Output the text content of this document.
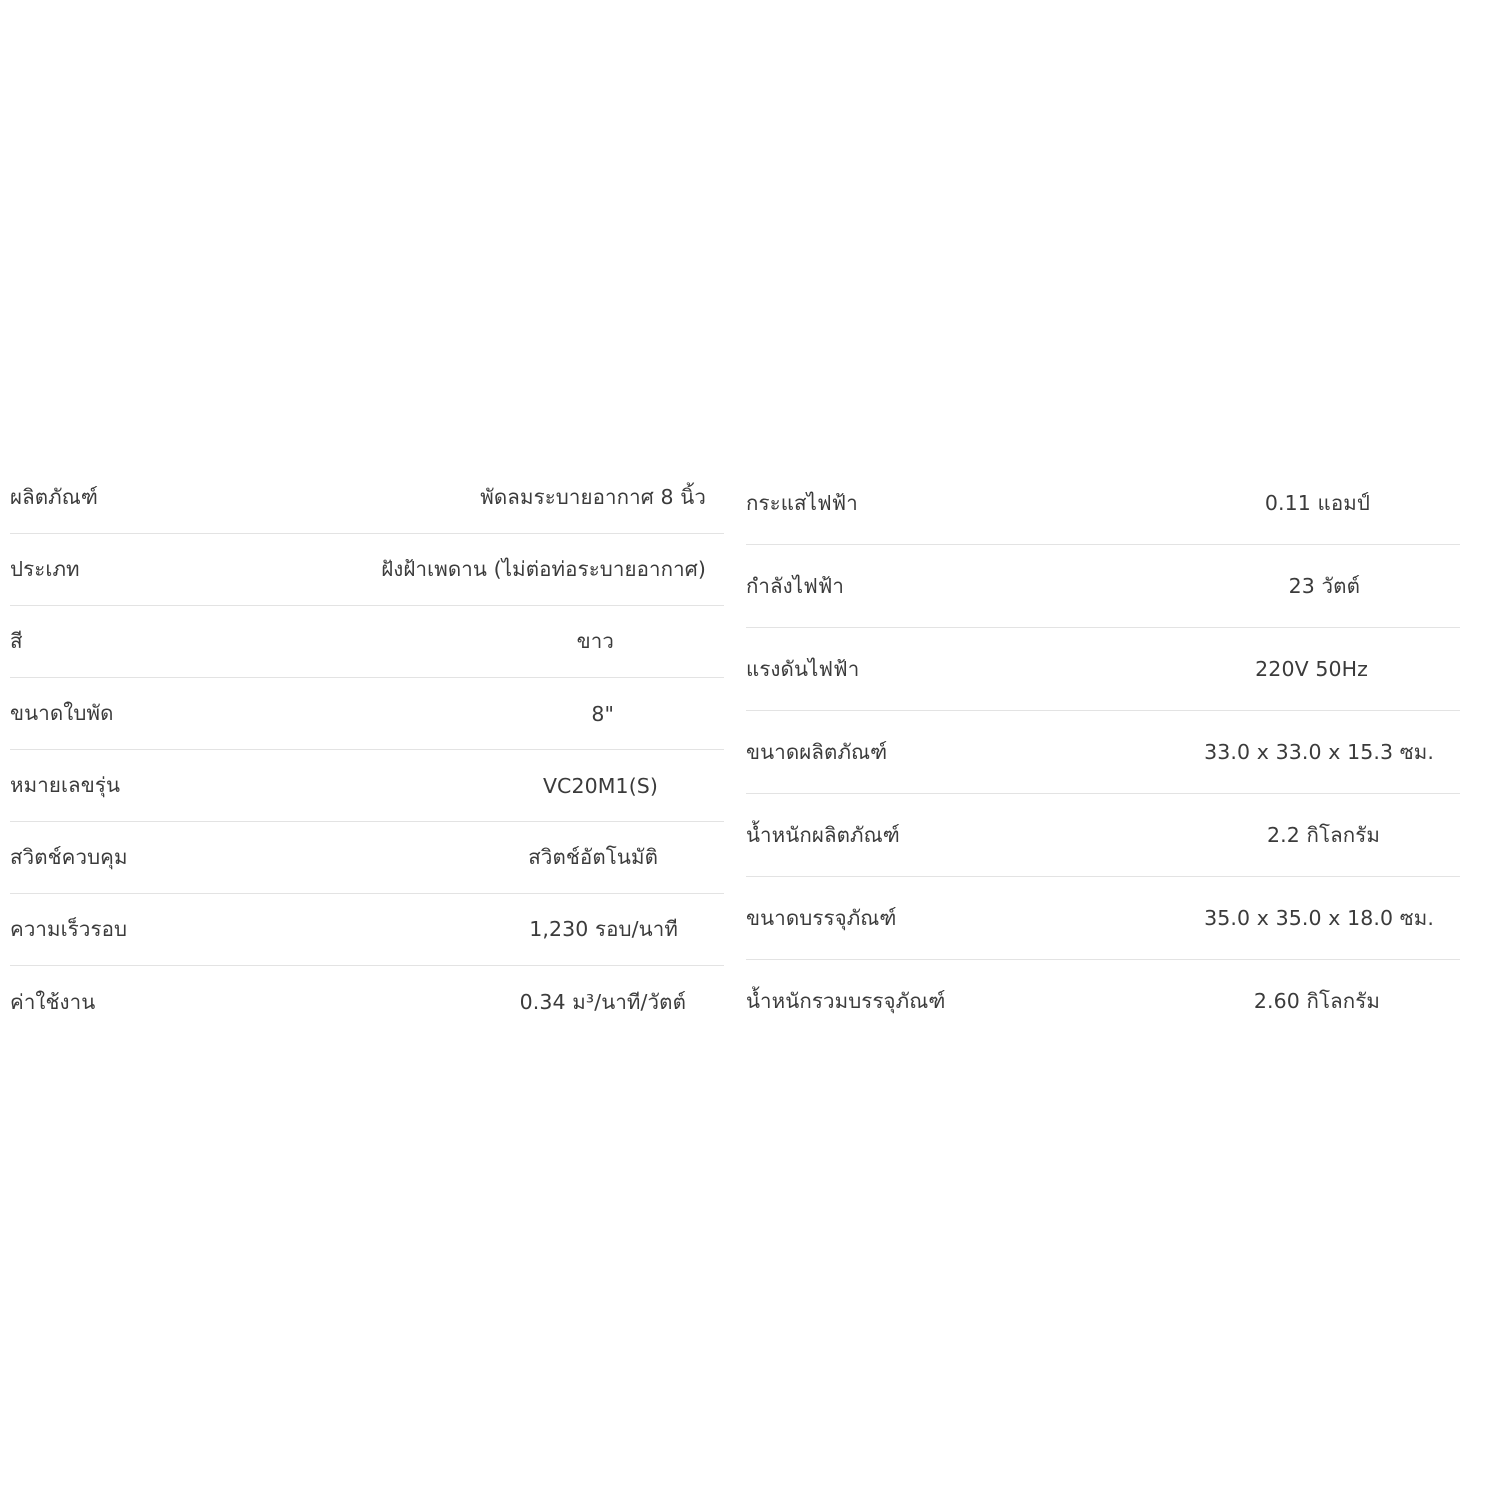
ผลิตภัณฑ์	พัดลมระบายอากาศ 8 นิ้ว
ประเภท	ฝังฝ้าเพดาน (ไม่ต่อท่อระบายอากาศ)
สี	ขาว
ขนาดใบพัด	8"
หมายเลขรุ่น	VC20M1(S)
สวิตช์ควบคุม	สวิตช์อัตโนมัติ
ความเร็วรอบ	1,230 รอบ/นาที
ค่าใช้งาน	0.34 ม³/นาที/วัตต์
กระแสไฟฟ้า	0.11 แอมป์
กำลังไฟฟ้า	23 วัตต์
แรงดันไฟฟ้า	220V 50Hz
ขนาดผลิตภัณฑ์	33.0 x 33.0 x 15.3 ซม.
น้ำหนักผลิตภัณฑ์	2.2 กิโลกรัม
ขนาดบรรจุภัณฑ์	35.0 x 35.0 x 18.0 ซม.
น้ำหนักรวมบรรจุภัณฑ์	2.60 กิโลกรัม
